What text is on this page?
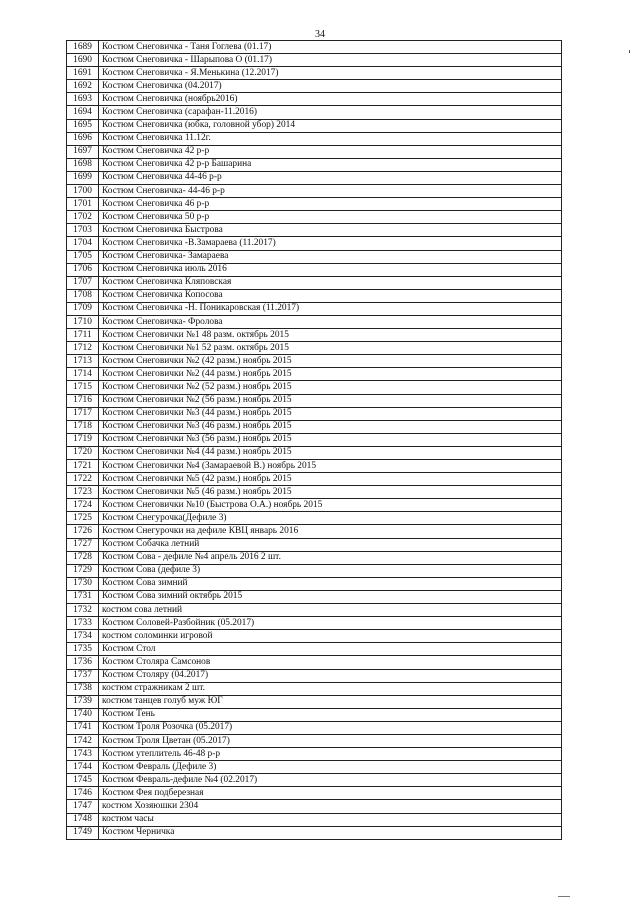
34
1689	Костюм Снеговичка - Таня Гоглева (01.17)
1690	Костюм Снеговичка - Шарыпова О (01.17)
1691	Костюм Снеговичка - Я.Менькина (12.2017)
1692	Костюм Снеговичка (04.2017)
1693	Костюм Снеговичка (ноябрь2016)
1694	Костюм Снеговичка (сарафан-11.2016)
1695	Костюм Снеговичка (юбка, головной убор) 2014
1696	Костюм Снеговичка 11.12г.
1697	Костюм Снеговичка 42 р-р
1698	Костюм Снеговичка 42 р-р Башарина
1699	Костюм Снеговичка 44-46 р-р
1700	Костюм Снеговичка- 44-46 р-р
1701	Костюм Снеговичка 46 р-р
1702	Костюм Снеговичка 50 р-р
1703	Костюм Снеговичка Быстрова
1704	Костюм Снеговичка -В.Замараева (11.2017)
1705	Костюм Снеговичка- Замараева
1706	Костюм Снеговичка июль 2016
1707	Костюм Снеговичка Кляповская
1708	Костюм Снеговичка Копосова
1709	Костюм Снеговичка -Н. Поникаровская (11.2017)
1710	Костюм Снеговичка- Фролова
1711	Костюм Снеговички №1 48 разм. октябрь 2015
1712	Костюм Снеговички №1 52 разм. октябрь 2015
1713	Костюм Снеговички №2 (42 разм.) ноябрь 2015
1714	Костюм Снеговички №2 (44 разм.) ноябрь 2015
1715	Костюм Снеговички №2 (52 разм.) ноябрь 2015
1716	Костюм Снеговички №2 (56 разм.) ноябрь 2015
1717	Костюм Снеговички №3 (44 разм.) ноябрь 2015
1718	Костюм Снеговички №3 (46 разм.) ноябрь 2015
1719	Костюм Снеговички №3 (56 разм.) ноябрь 2015
1720	Костюм Снеговички №4 (44 разм.) ноябрь 2015
1721	Костюм Снеговички №4 (Замараевой В.) ноябрь 2015
1722	Костюм Снеговички №5 (42 разм.) ноябрь 2015
1723	Костюм Снеговички №5 (46 разм.) ноябрь 2015
1724	Костюм Снеговички №10 (Быстрова О.А.) ноябрь 2015
1725	Костюм Снегурочка(Дефиле 3)
1726	Костюм Снегурочки на дефиле КВЦ январь 2016
1727	Костюм Собачка летний
1728	Костюм Сова - дефиле №4 апрель 2016 2 шт.
1729	Костюм Сова (дефиле 3)
1730	Костюм Сова зимний
1731	Костюм Сова зимний октябрь 2015
1732	костюм сова летний
1733	Костюм Соловей-Разбойник (05.2017)
1734	костюм соломинки игровой
1735	Костюм Стол
1736	Костюм Столяра Самсонов
1737	Костюм Столяру (04.2017)
1738	костюм стражникам 2 шт.
1739	костюм танцев голуб муж ЮГ
1740	Костюм Тень
1741	Костюм Троля Розочка (05.2017)
1742	Костюм Троля Цветан (05.2017)
1743	Костюм утеплитель 46-48 р-р
1744	Костюм Февраль (Дефиле 3)
1745	Костюм Февраль-дефиле №4 (02.2017)
1746	Костюм Фея подберезная
1747	костюм Хозяюшки 2304
1748	костюм часы
1749	Костюм Черничка
